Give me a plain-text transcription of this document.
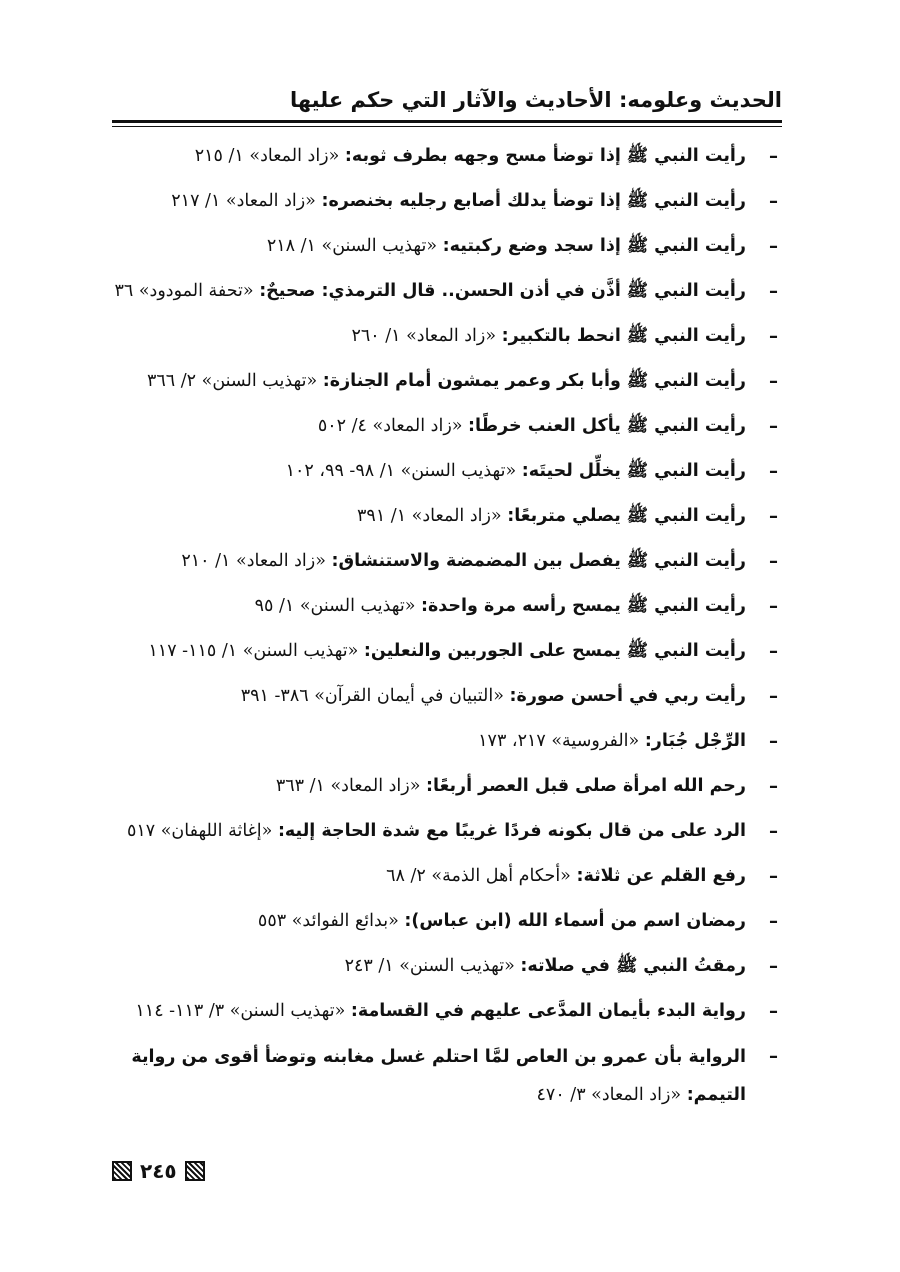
الحديث وعلومه: الأحاديث والآثار التي حكم عليها
–
رأيت النبي ﷺ إذا توضأ مسح وجهه بطرف ثوبه: «زاد المعاد» ١/ ٢١٥
–
رأيت النبي ﷺ إذا توضأ يدلك أصابع رجليه بخنصره: «زاد المعاد» ١/ ٢١٧
–
رأيت النبي ﷺ إذا سجد وضع ركبتيه: «تهذيب السنن» ١/ ٢١٨
–
رأيت النبي ﷺ أذَّن في أذن الحسن.. قال الترمذي: صحيحٌ: «تحفة المودود» ٣٦
–
رأيت النبي ﷺ انحط بالتكبير: «زاد المعاد» ١/ ٢٦٠
–
رأيت النبي ﷺ وأبا بكر وعمر يمشون أمام الجنازة: «تهذيب السنن» ٢/ ٣٦٦
–
رأيت النبي ﷺ يأكل العنب خرطًا: «زاد المعاد» ٤/ ٥٠٢
–
رأيت النبي ﷺ يخلِّل لحيتَه: «تهذيب السنن» ١/ ٩٨- ٩٩، ١٠٢
–
رأيت النبي ﷺ يصلي متربعًا: «زاد المعاد» ١/ ٣٩١
–
رأيت النبي ﷺ يفصل بين المضمضة والاستنشاق: «زاد المعاد» ١/ ٢١٠
–
رأيت النبي ﷺ يمسح رأسه مرة واحدة: «تهذيب السنن» ١/ ٩٥
–
رأيت النبي ﷺ يمسح على الجوربين والنعلين: «تهذيب السنن» ١/ ١١٥- ١١٧
–
رأيت ربي في أحسن صورة: «التبيان في أيمان القرآن» ٣٨٦- ٣٩١
–
الرِّجْل جُبَار: «الفروسية» ٢١٧، ١٧٣
–
رحم الله امرأة صلى قبل العصر أربعًا: «زاد المعاد» ١/ ٣٦٣
–
الرد على من قال بكونه فردًا غريبًا مع شدة الحاجة إليه: «إغاثة اللهفان» ٥١٧
–
رفع القلم عن ثلاثة: «أحكام أهل الذمة» ٢/ ٦٨
–
رمضان اسم من أسماء الله (ابن عباس): «بدائع الفوائد» ٥٥٣
–
رمقتُ النبي ﷺ في صلاته: «تهذيب السنن» ١/ ٢٤٣
–
رواية البدء بأيمان المدَّعى عليهم في القسامة: «تهذيب السنن» ٣/ ١١٣- ١١٤
–
الرواية بأن عمرو بن العاص لمَّا احتلم غسل مغابنه وتوضأ أقوى من رواية التيمم: «زاد المعاد» ٣/ ٤٧٠
٢٤٥
